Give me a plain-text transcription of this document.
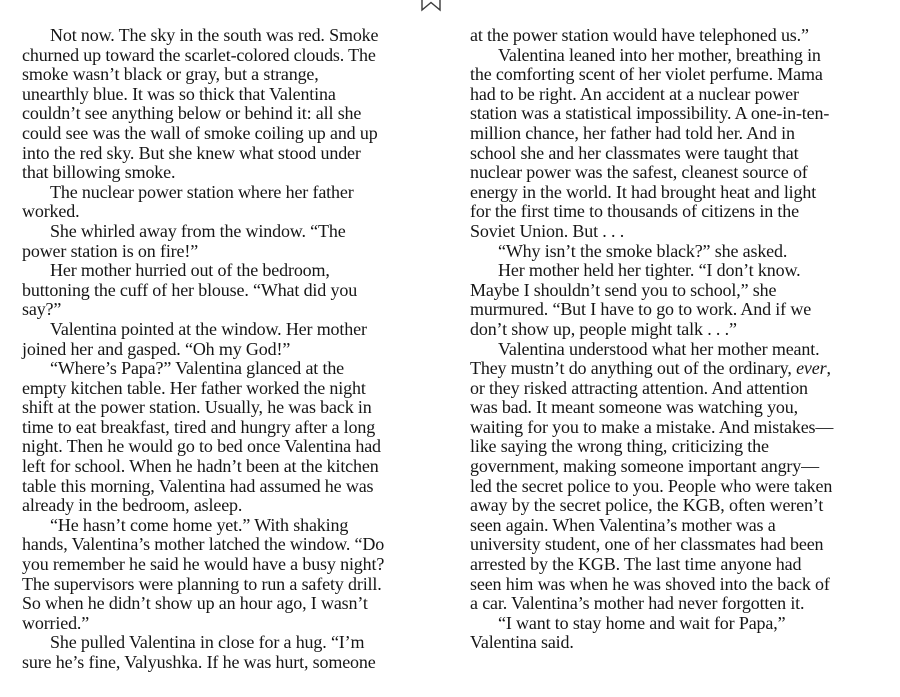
Not now. The sky in the south was red. Smoke churned up toward the scarlet-colored clouds. The smoke wasn’t black or gray, but a strange, unearthly blue. It was so thick that Valentina couldn’t see anything below or behind it: all she could see was the wall of smoke coiling up and up into the red sky. But she knew what stood under that billowing smoke.

The nuclear power station where her father worked.

She whirled away from the window. “The power station is on fire!”

Her mother hurried out of the bedroom, buttoning the cuff of her blouse. “What did you say?”

Valentina pointed at the window. Her mother joined her and gasped. “Oh my God!”

“Where’s Papa?” Valentina glanced at the empty kitchen table. Her father worked the night shift at the power station. Usually, he was back in time to eat breakfast, tired and hungry after a long night. Then he would go to bed once Valentina had left for school. When he hadn’t been at the kitchen table this morning, Valentina had assumed he was already in the bedroom, asleep.

“He hasn’t come home yet.” With shaking hands, Valentina’s mother latched the window. “Do you remember he said he would have a busy night? The supervisors were planning to run a safety drill. So when he didn’t show up an hour ago, I wasn’t worried.”

She pulled Valentina in close for a hug. “I’m sure he’s fine, Valyushka. If he was hurt, someone

at the power station would have telephoned us.”

Valentina leaned into her mother, breathing in the comforting scent of her violet perfume. Mama had to be right. An accident at a nuclear power station was a statistical impossibility. A one-in-ten-million chance, her father had told her. And in school she and her classmates were taught that nuclear power was the safest, cleanest source of energy in the world. It had brought heat and light for the first time to thousands of citizens in the Soviet Union. But . . .

“Why isn’t the smoke black?” she asked.

Her mother held her tighter. “I don’t know. Maybe I shouldn’t send you to school,” she murmured. “But I have to go to work. And if we don’t show up, people might talk . . .”

Valentina understood what her mother meant. They mustn’t do anything out of the ordinary, ever, or they risked attracting attention. And attention was bad. It meant someone was watching you, waiting for you to make a mistake. And mistakes—like saying the wrong thing, criticizing the government, making someone important angry—led the secret police to you. People who were taken away by the secret police, the KGB, often weren’t seen again. When Valentina’s mother was a university student, one of her classmates had been arrested by the KGB. The last time anyone had seen him was when he was shoved into the back of a car. Valentina’s mother had never forgotten it.

“I want to stay home and wait for Papa,” Valentina said.
